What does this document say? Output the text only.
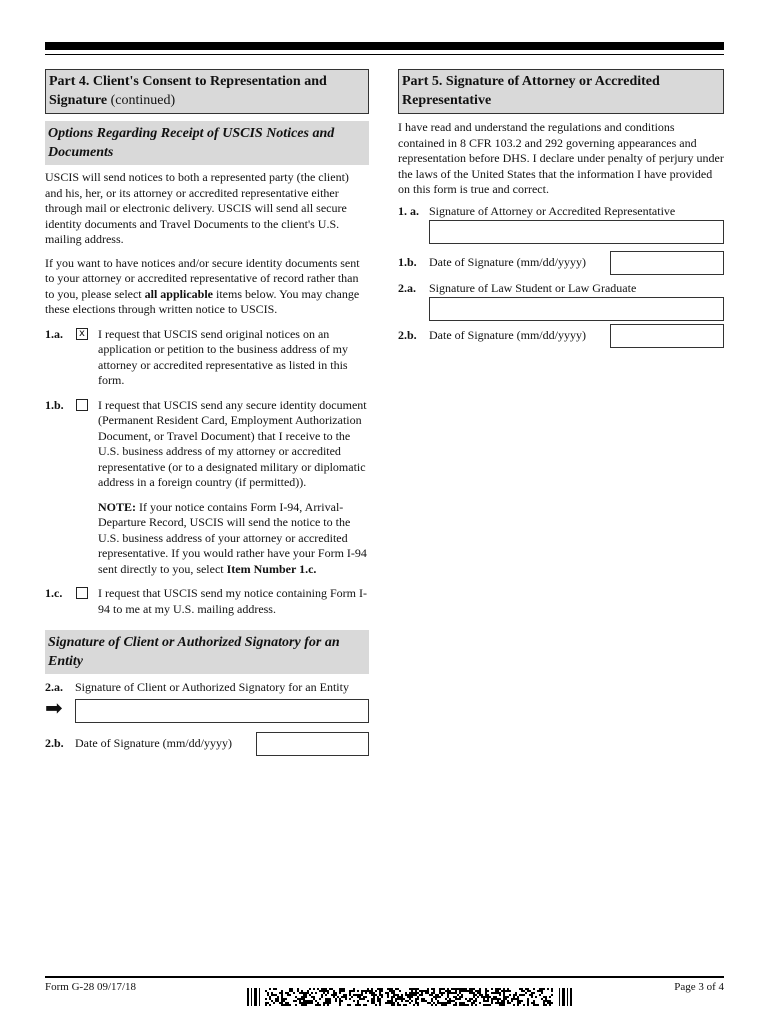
Part 4. Client's Consent to Representation and Signature (continued)
Options Regarding Receipt of USCIS Notices and Documents

USCIS will send notices to both a represented party (the client) and his, her, or its attorney or accredited representative either through mail or electronic delivery. USCIS will send all secure identity documents and Travel Documents to the client's U.S. mailing address.

If you want to have notices and/or secure identity documents sent to your attorney or accredited representative of record rather than to you, please select all applicable items below. You may change these elections through written notice to USCIS.

1.a.	x I request that USCIS send original notices on an application or petition to the business address of my attorney or accredited representative as listed in this form.
1.b.	I request that USCIS send any secure identity document (Permanent Resident Card, Employment Authorization Document, or Travel Document) that I receive to the U.S. business address of my attorney or accredited representative (or to a designated military or diplomatic address in a foreign country (if permitted)).
NOTE: If your notice contains Form I-94, Arrival-Departure Record, USCIS will send the notice to the U.S. business address of your attorney or accredited representative. If you would rather have your Form I-94 sent directly to you, select Item Number 1.c.
1.c.	I request that USCIS send my notice containing Form I-94 to me at my U.S. mailing address.
Signature of Client or Authorized Signatory for an Entity
2.a. Signature of Client or Authorized Signatory for an Entity
➡
2.b. Date of Signature (mm/dd/yyyy)
Part 5. Signature of Attorney or Accredited Representative

I have read and understand the regulations and conditions contained in 8 CFR 103.2 and 292 governing appearances and representation before DHS. I declare under penalty of perjury under the laws of the United States that the information I have provided on this form is true and correct.

1. a. Signature of Attorney or Accredited Representative
1.b. Date of Signature (mm/dd/yyyy)
2.a. Signature of Law Student or Law Graduate
2.b. Date of Signature (mm/dd/yyyy)
Form G-28 09/17/18	Page 3 of 4
